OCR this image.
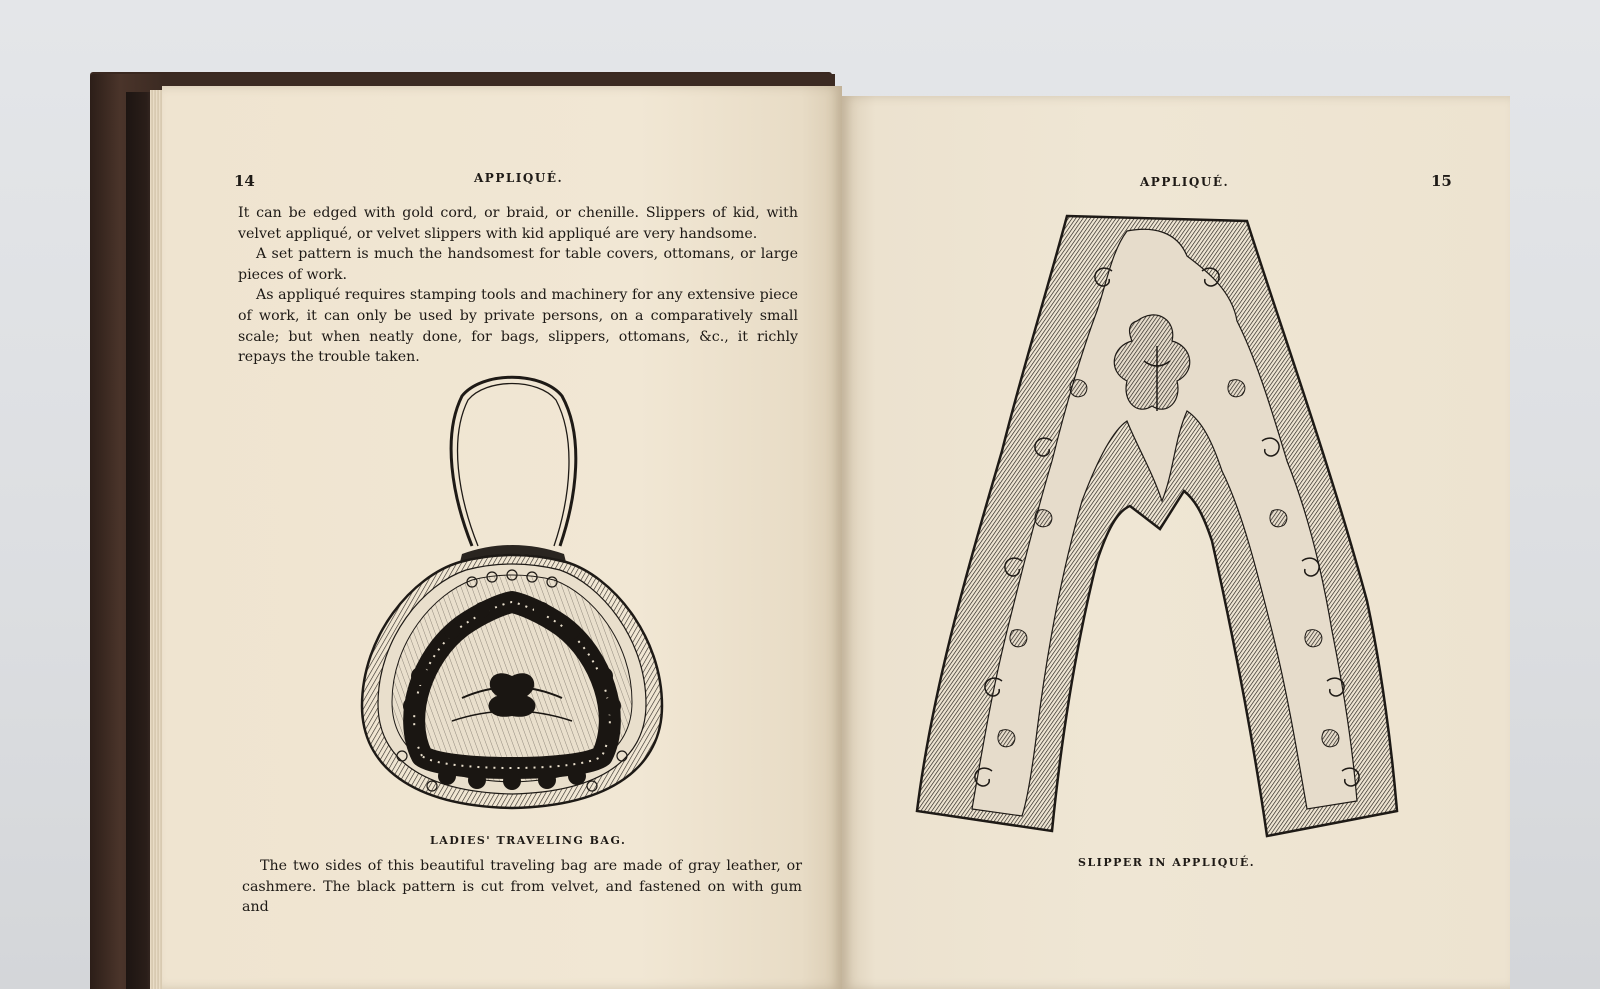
14	APPLIQUÉ.

It can be edged with gold cord, or braid, or chenille. Slippers of kid, with velvet appliqué, or velvet slippers with kid appliqué are very handsome.

A set pattern is much the handsomest for table covers, ottomans, or large pieces of work.

As appliqué requires stamping tools and machinery for any extensive piece of work, it can only be used by private persons, on a comparatively small scale; but when neatly done, for bags, slippers, ottomans, &c., it richly repays the trouble taken.

LADIES' TRAVELING BAG.

The two sides of this beautiful traveling bag are made of gray leather, or cashmere. The black pattern is cut from velvet, and fastened on with gum and

APPLIQUÉ.	15
SLIPPER IN APPLIQUÉ.
